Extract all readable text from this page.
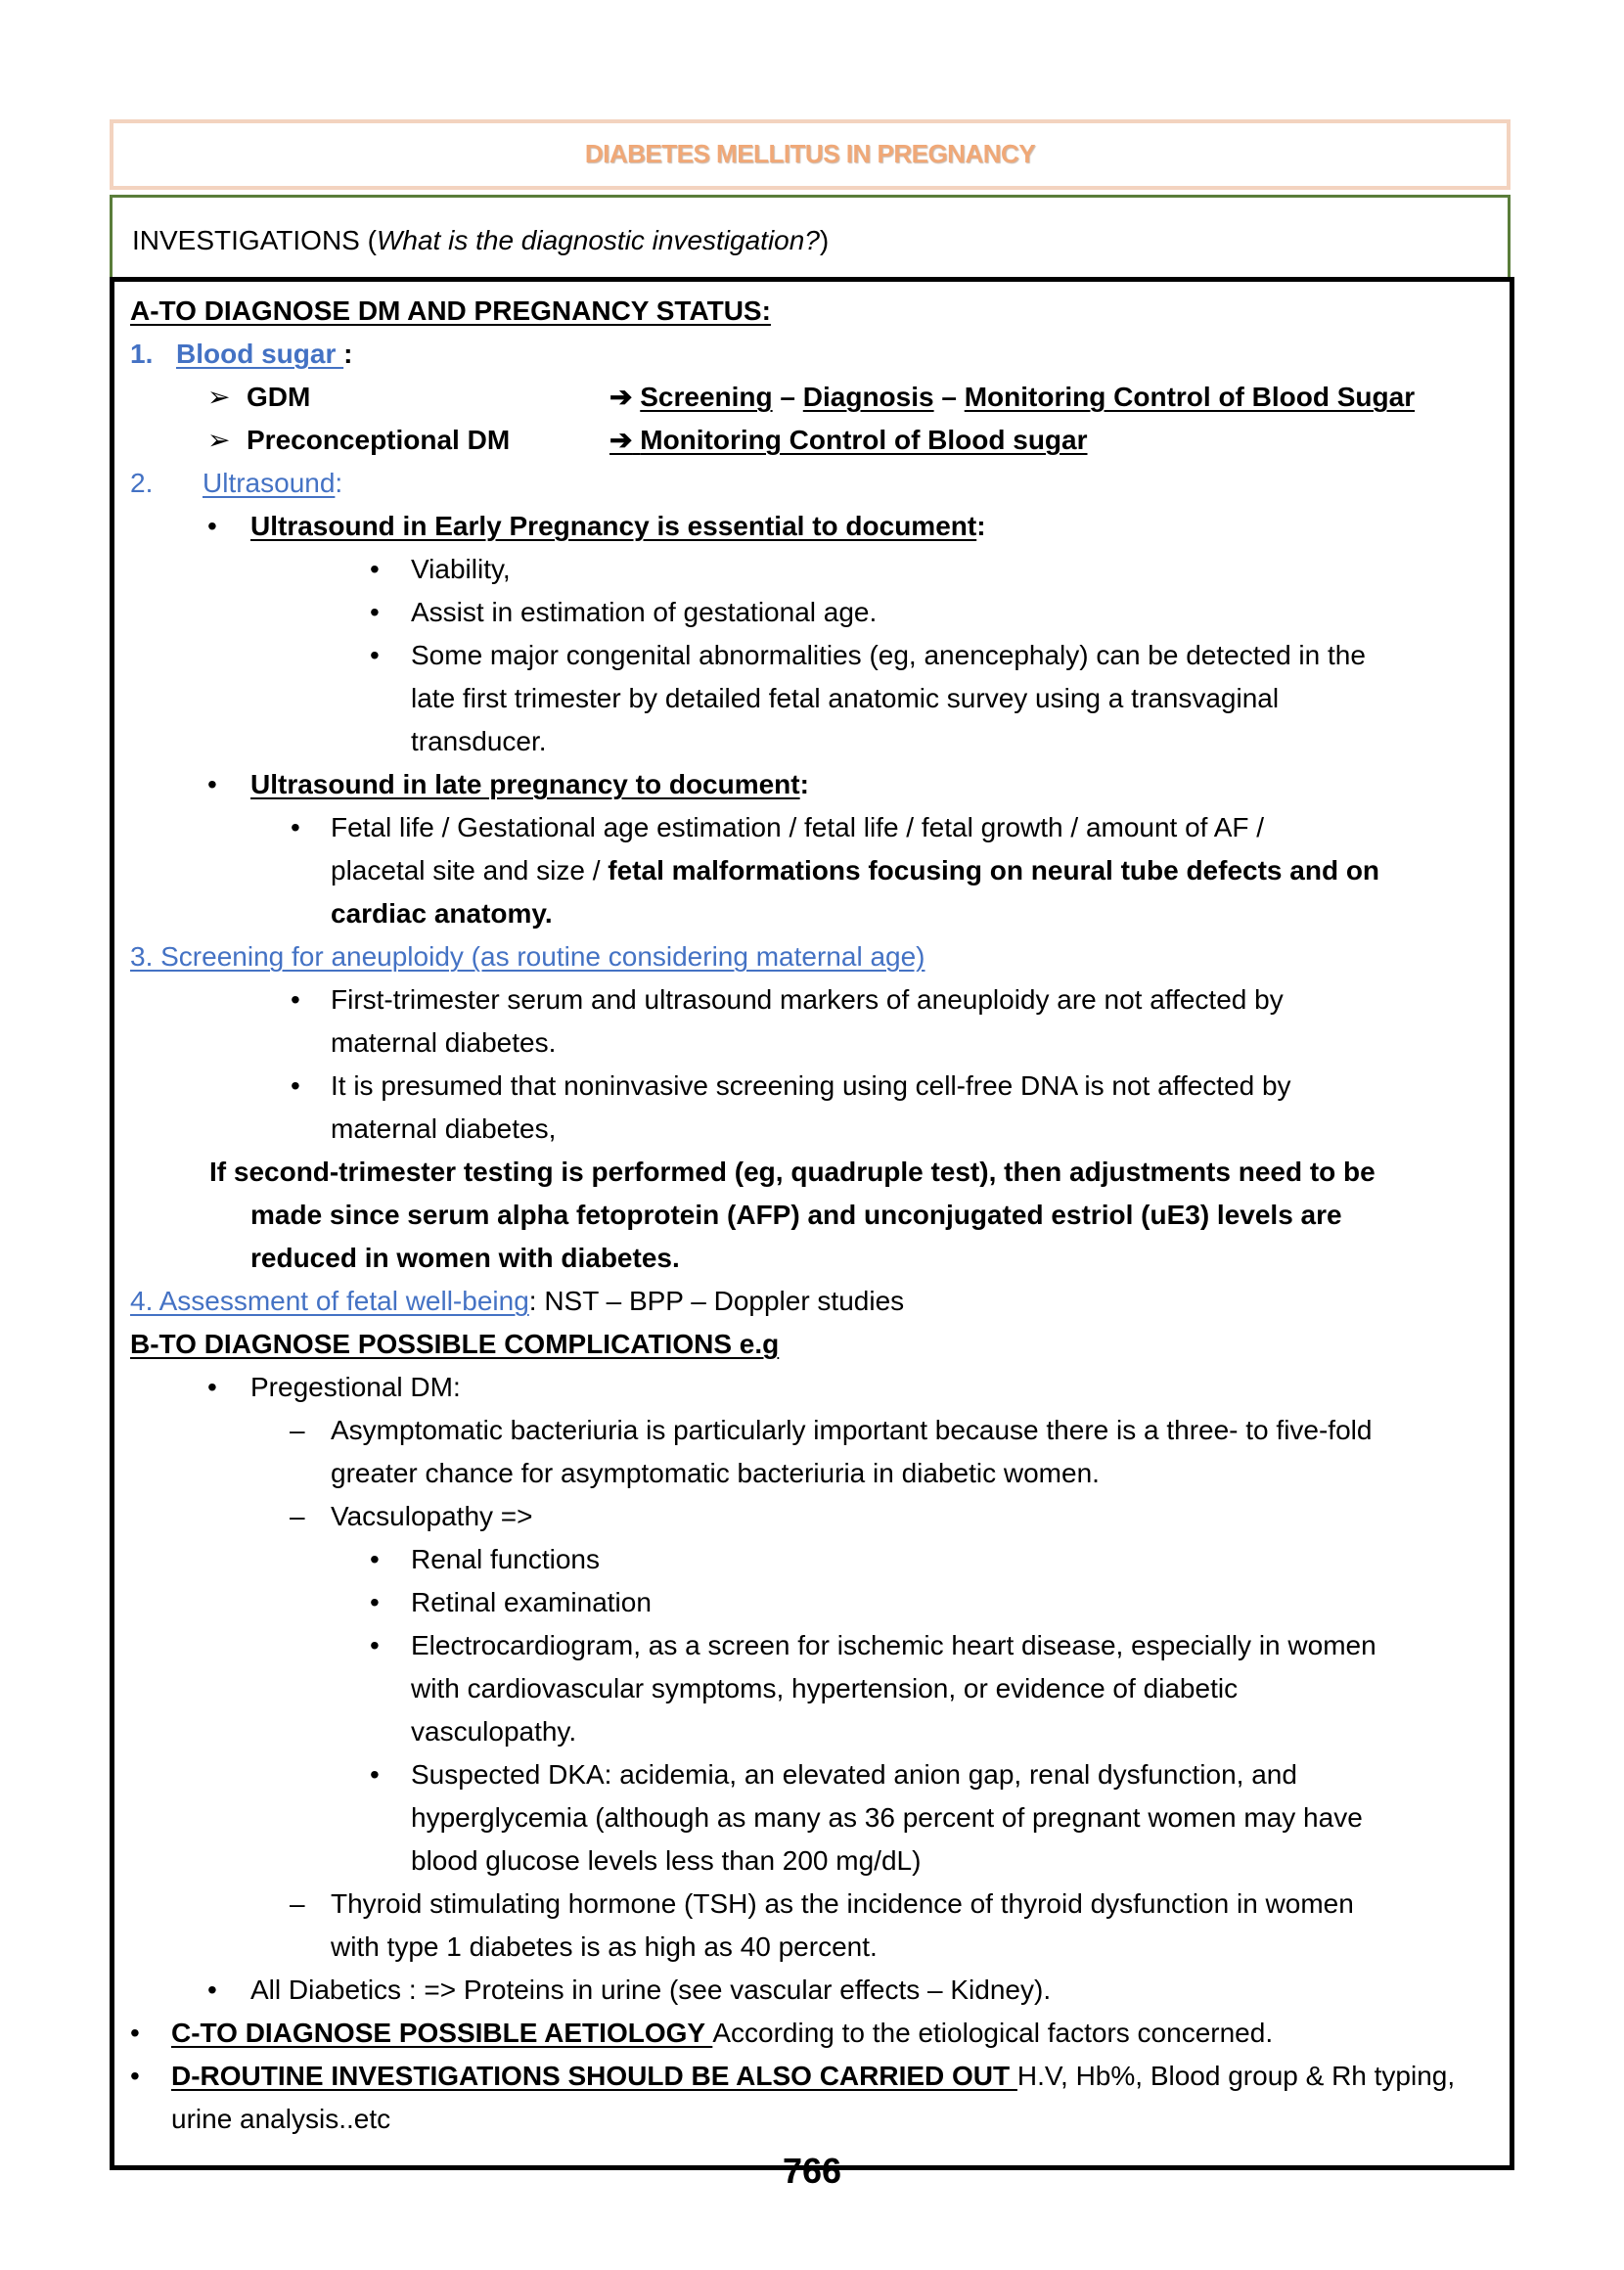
DIABETES MELLITUS IN PREGNANCY
INVESTIGATIONS (What is the diagnostic investigation?)
A-TO DIAGNOSE DM AND PREGNANCY STATUS:
1. Blood sugar :
➢ GDM	➔ Screening – Diagnosis – Monitoring Control of Blood Sugar
➢ Preconceptional DM	➔ Monitoring Control of Blood sugar
2. Ultrasound:
• Ultrasound in Early Pregnancy is essential to document:
• Viability,
• Assist in estimation of gestational age.
• Some major congenital abnormalities (eg, anencephaly) can be detected in the
late first trimester by detailed fetal anatomic survey using a transvaginal
transducer.
• Ultrasound in late pregnancy to document:
• Fetal life / Gestational age estimation / fetal life / fetal growth / amount of AF /
placetal site and size / fetal malformations focusing on neural tube defects and on
cardiac anatomy.
3. Screening for aneuploidy (as routine considering maternal age)
• First-trimester serum and ultrasound markers of aneuploidy are not affected by
maternal diabetes.
• It is presumed that noninvasive screening using cell-free DNA is not affected by
maternal diabetes,
If second-trimester testing is performed (eg, quadruple test), then adjustments need to be
made since serum alpha fetoprotein (AFP) and unconjugated estriol (uE3) levels are
reduced in women with diabetes.
4. Assessment of fetal well-being: NST – BPP – Doppler studies
B-TO DIAGNOSE POSSIBLE COMPLICATIONS e.g
• Pregestional DM:
– Asymptomatic bacteriuria is particularly important because there is a three- to five-fold
greater chance for asymptomatic bacteriuria in diabetic women.
– Vacsulopathy =>
• Renal functions
• Retinal examination
• Electrocardiogram, as a screen for ischemic heart disease, especially in women
with cardiovascular symptoms, hypertension, or evidence of diabetic
vasculopathy.
• Suspected DKA: acidemia, an elevated anion gap, renal dysfunction, and
hyperglycemia (although as many as 36 percent of pregnant women may have
blood glucose levels less than 200 mg/dL)
– Thyroid stimulating hormone (TSH) as the incidence of thyroid dysfunction in women
with type 1 diabetes is as high as 40 percent.
• All Diabetics : => Proteins in urine (see vascular effects – Kidney).
• C-TO DIAGNOSE POSSIBLE AETIOLOGY According to the etiological factors concerned.
• D-ROUTINE INVESTIGATIONS SHOULD BE ALSO CARRIED OUT H.V, Hb%, Blood group & Rh typing,
urine analysis..etc
766
